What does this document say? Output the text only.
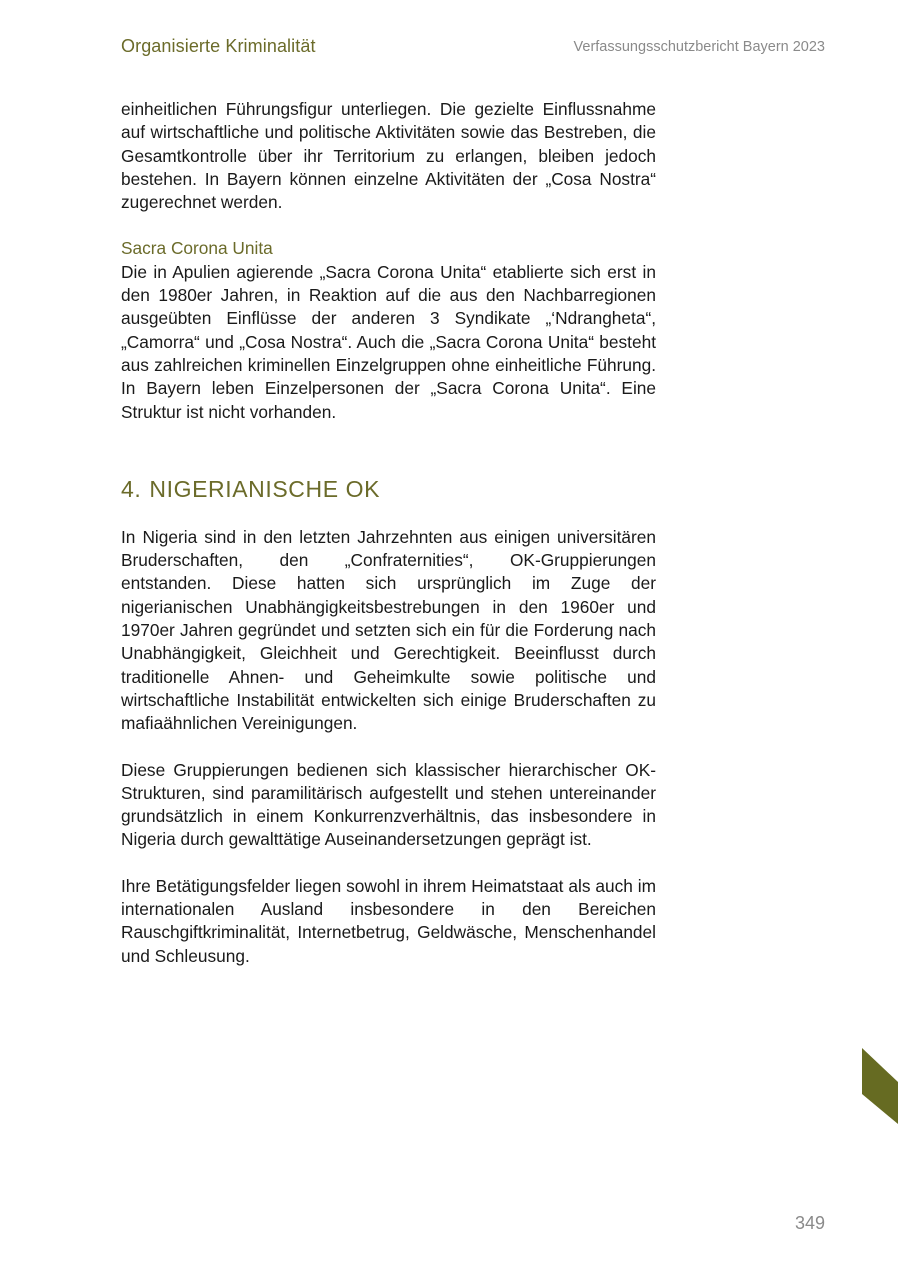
Organisierte Kriminalität	Verfassungsschutzbericht Bayern 2023

einheitlichen Führungsfigur unterliegen. Die gezielte Einflussnahme auf wirtschaftliche und politische Aktivitäten sowie das Bestreben, die Gesamtkontrolle über ihr Territorium zu erlangen, bleiben jedoch bestehen. In Bayern können einzelne Aktivitäten der „Cosa Nostra“ zugerechnet werden.

Sacra Corona Unita

Die in Apulien agierende „Sacra Corona Unita“ etablierte sich erst in den 1980er Jahren, in Reaktion auf die aus den Nachbarregionen ausgeübten Einflüsse der anderen 3 Syndikate „‘Ndrangheta“, „Camorra“ und „Cosa Nostra“. Auch die „Sacra Corona Unita“ besteht aus zahlreichen kriminellen Einzelgruppen ohne einheitliche Führung. In Bayern leben Einzelpersonen der „Sacra Corona Unita“. Eine Struktur ist nicht vorhanden.

4. NIGERIANISCHE OK

In Nigeria sind in den letzten Jahrzehnten aus einigen universitären Bruderschaften, den „Confraternities“, OK-Gruppierungen entstanden. Diese hatten sich ursprünglich im Zuge der nigerianischen Unabhängigkeitsbestrebungen in den 1960er und 1970er Jahren gegründet und setzten sich ein für die Forderung nach Unabhängigkeit, Gleichheit und Gerechtigkeit. Beeinflusst durch traditionelle Ahnen- und Geheimkulte sowie politische und wirtschaftliche Instabilität entwickelten sich einige Bruderschaften zu mafiaähnlichen Vereinigungen.

Diese Gruppierungen bedienen sich klassischer hierarchischer OK-Strukturen, sind paramilitärisch aufgestellt und stehen untereinander grundsätzlich in einem Konkurrenzverhältnis, das insbesondere in Nigeria durch gewalttätige Auseinandersetzungen geprägt ist.

Ihre Betätigungsfelder liegen sowohl in ihrem Heimatstaat als auch im internationalen Ausland insbesondere in den Bereichen Rauschgiftkriminalität, Internetbetrug, Geldwäsche, Menschenhandel und Schleusung.

349
